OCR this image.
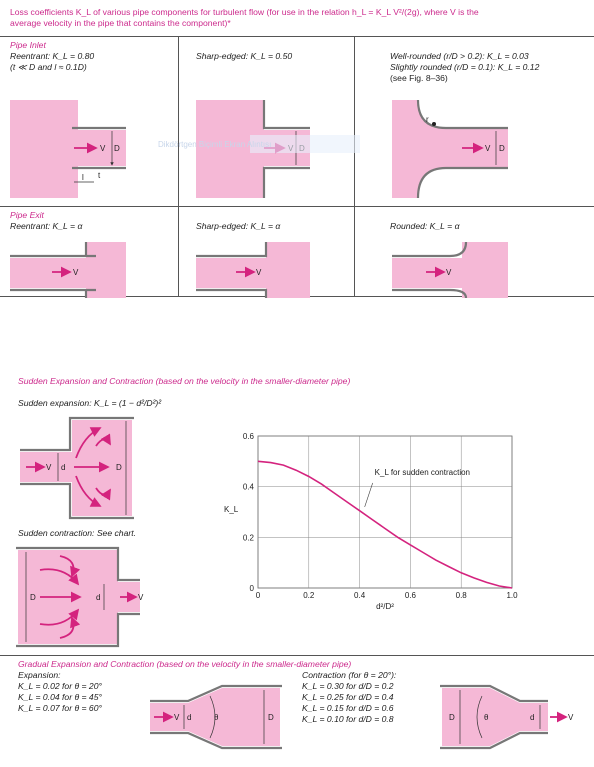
Loss coefficients K_L of various pipe components for turbulent flow (for use in the relation h_L = K_L V²/(2g), where V is the
average velocity in the pipe that contains the component)*
Pipe Inlet
Reentrant: K_L = 0.80
(t ≪ D and l ≈ 0.1D)
Sharp-edged: K_L = 0.50	Well-rounded (r/D > 0.2): K_L = 0.03
Slightly rounded (r/D = 0.1): K_L = 0.12
(see Fig. 8–36)
Pipe Exit
Reentrant: K_L = α	Sharp-edged: K_L = α	Rounded: K_L = α
Sudden Expansion and Contraction (based on the velocity in the smaller-diameter pipe)
Sudden expansion: K_L = (1 − d²/D²)²
Sudden contraction: See chart.
Gradual Expansion and Contraction (based on the velocity in the smaller-diameter pipe)
Expansion:
K_L = 0.02 for θ = 20°
K_L = 0.04 for θ = 45°
K_L = 0.07 for θ = 60°
Contraction (for θ = 20°):
K_L = 0.30 for d/D = 0.2
K_L = 0.25 for d/D = 0.4
K_L = 0.15 for d/D = 0.6
K_L = 0.10 for d/D = 0.8
V D
l t
r
V D
Dikdörtgen Biçimli Ekran Alıntısı
V	V	V
V d	D
D	d	V
V d	θ	D	D	θ	d	V
0	0.2	0.4	0.6	0.8	1.0
0
0.2
0.4
0.6
d²/D²
K_L
K_L for sudden contraction
